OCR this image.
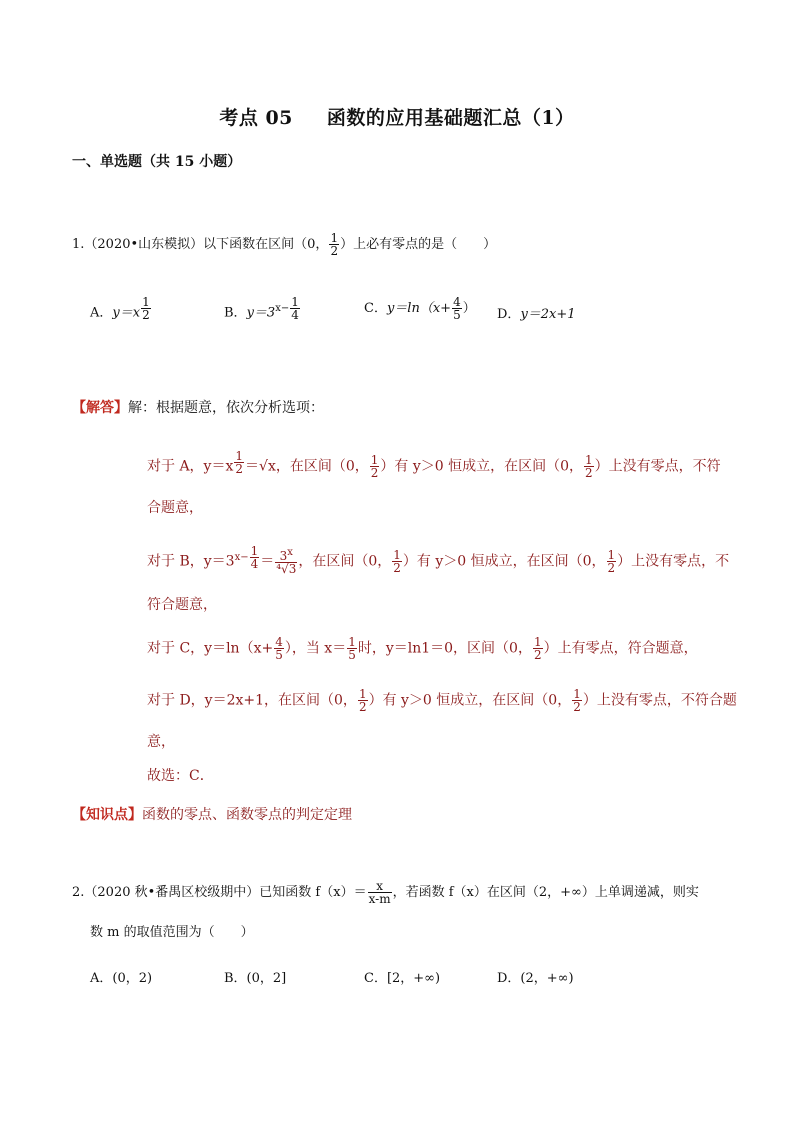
考点 05 函数的应用基础题汇总（1）
一、单选题（共 15 小题）
1.（2020•山东模拟）以下函数在区间（0， $\frac{1}{2}$ ）上必有零点的是（　　）
A．y＝x $^{\frac{1}{2}}$	B．$y=3^{x- \frac{1}{4}}$	C．$y=\ln(x+ \frac{4}{5}$ ） D．y＝2x+1
【解答】解：根据题意，依次分析选项：
对于 A，y＝x $^{\frac{1}{2}}$ ＝√x，在区间（0， $\frac{1}{2}$ ）有 y＞0 恒成立，在区间（0， $\frac{1}{2}$ ）上没有零点，不符
合题意，
对于 B，$y=3^{x- \frac{1}{4}} = \frac{3^x}{\text{⁴√3}}$ ，在区间（0， $\frac{1}{2}$ ）有 y＞0 恒成立，在区间（0， $\frac{1}{2}$ ）上没有零点，不
符合题意，
对于 C，$y=\ln(x+ \frac{4}{5}$ ），当 $x= \frac{1}{5}$ 时，y＝ln1＝0，区间（0， $\frac{1}{2}$ ）上有零点，符合题意，
对于 D，y＝2x+1，在区间（0， $\frac{1}{2}$ ）有 y＞0 恒成立，在区间（0， $\frac{1}{2}$ ）上没有零点，不符合题
意，
故选：C．
【知识点】函数的零点、函数零点的判定定理
2.（2020 秋•番禺区校级期中）已知函数 $f(x)= \frac{x}{x-m}$ ，若函数 f（x）在区间（2，+∞）上单调递减，则实
数 m 的取值范围为（　　）
A．(0，2)	B．(0，2]	C．[2，+∞)	D．(2，+∞)
